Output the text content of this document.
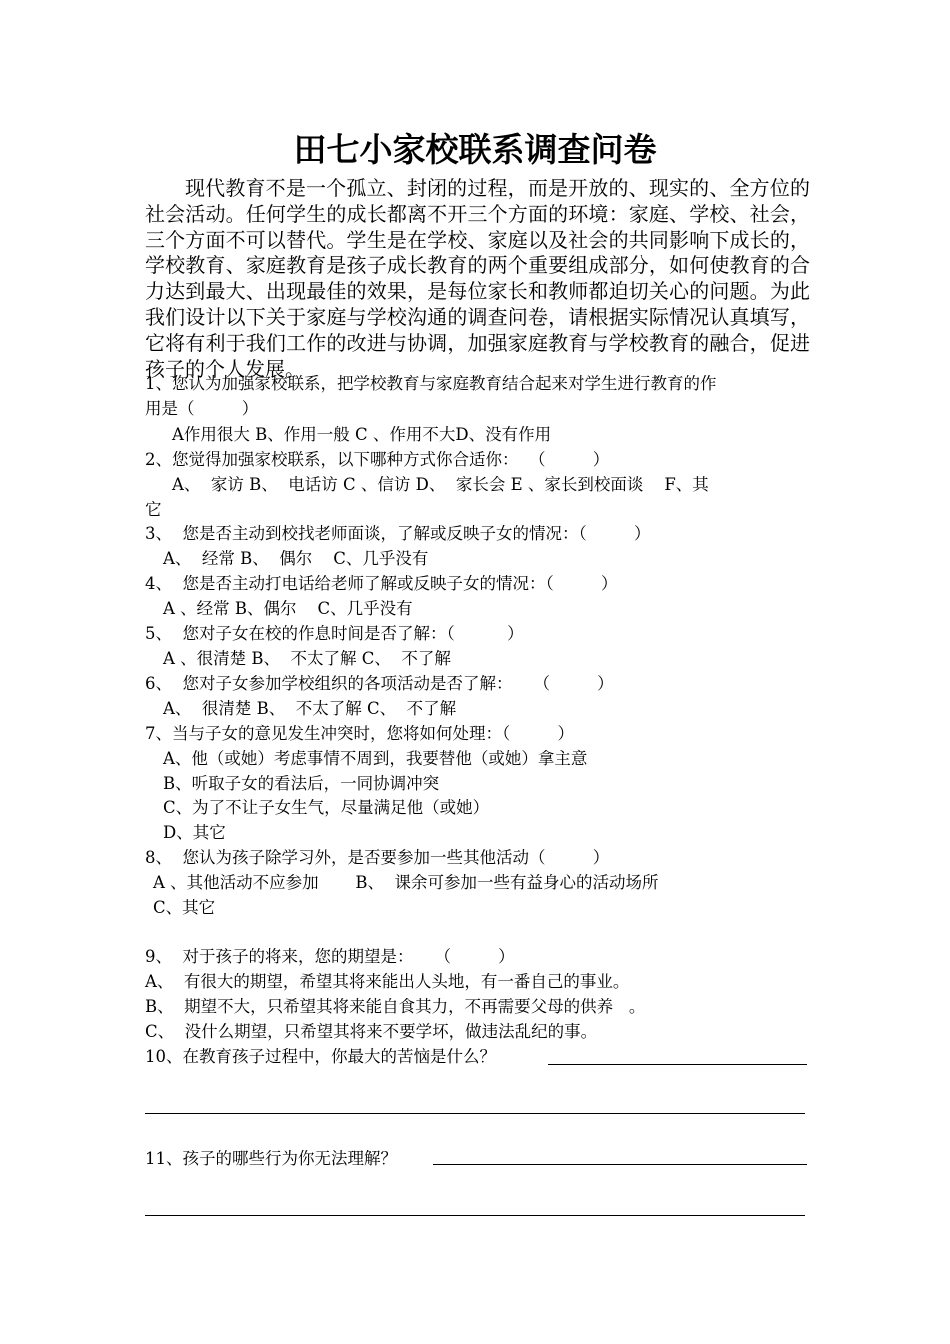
田七小家校联系调查问卷
现代教育不是一个孤立、封闭的过程，而是开放的、现实的、全方位的社会活动。任何学生的成长都离不开三个方面的环境：家庭、学校、社会，三个方面不可以替代。学生是在学校、家庭以及社会的共同影响下成长的，学校教育、家庭教育是孩子成长教育的两个重要组成部分，如何使教育的合力达到最大、出现最佳的效果，是每位家长和教师都迫切关心的问题。为此我们设计以下关于家庭与学校沟通的调查问卷，请根据实际情况认真填写，它将有利于我们工作的改进与协调，加强家庭教育与学校教育的融合，促进孩子的个人发展。
1、您认为加强家校联系，把学校教育与家庭教育结合起来对学生进行教育的作
用是（         ）
A作用很大 B、作用一般 C 、作用不大D、没有作用
2、您觉得加强家校联系，以下哪种方式你合适你：  （         ）
A、  家访 B、  电话访 C 、信访 D、  家长会 E 、家长到校面谈    F、其
它
3、  您是否主动到校找老师面谈，了解或反映子女的情况：（         ）
A、  经常 B、  偶尔    C、几乎没有
4、  您是否主动打电话给老师了解或反映子女的情况：（         ）
A 、经常 B、偶尔    C、几乎没有
5、  您对子女在校的作息时间是否了解：（          ）
A 、很清楚 B、  不太了解 C、  不了解
6、  您对子女参加学校组织的各项活动是否了解：    （         ）
A、  很清楚 B、  不太了解 C、  不了解
7、当与子女的意见发生冲突时，您将如何处理：（         ）
A、他（或她）考虑事情不周到，我要替他（或她）拿主意
B、听取子女的看法后，一同协调冲突
C、为了不让子女生气，尽量满足他（或她）
D、其它
8、  您认为孩子除学习外，是否要参加一些其他活动（         ）
A 、其他活动不应参加       B、  课余可参加一些有益身心的活动场所
C、其它
9、  对于孩子的将来，您的期望是：    （         ）
A、  有很大的期望，希望其将来能出人头地，有一番自己的事业。
B、  期望不大，只希望其将来能自食其力，不再需要父母的供养   。
C、  没什么期望，只希望其将来不要学坏，做违法乱纪的事。
10、在教育孩子过程中，你最大的苦恼是什么？
11、孩子的哪些行为你无法理解？
